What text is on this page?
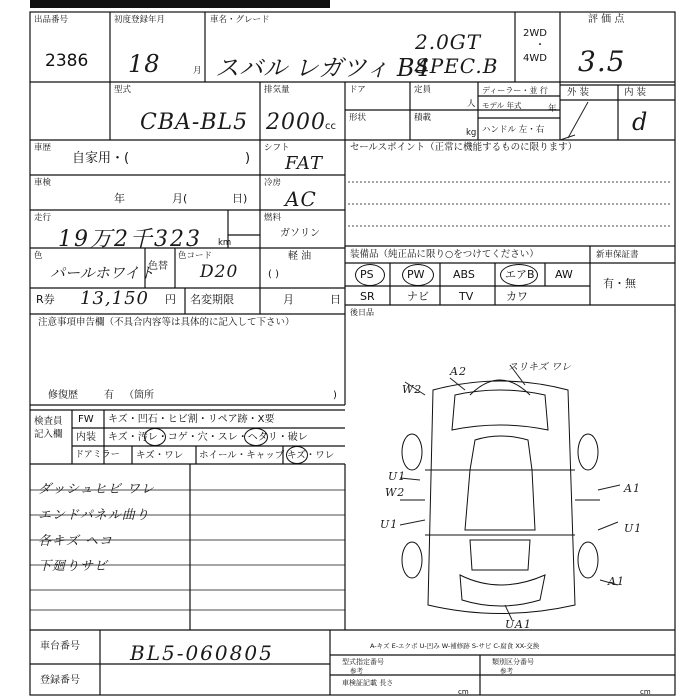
出品番号
2386
初度登録年月
18	月
車名・グレード
スバル レガツィ B4
2.0GT
SPEC.B
2WD
・
4WD
評 価 点
3.5
外 装	内 装
d
型式
CBA-BL5
排気量
2000 cc
ドア	定員
人
ディーラー・並 行
モデル 年式	年
形状	積載
kg ハンドル 左・右
車歴
自家用・(	)
シフト
FAT
車検
年	月(	日)
冷房
AC
走行
19万2千323 km
燃料
ガソリン
軽 油
( )
色
パールホワイト
色替
色コード
D20
R券 13,150 円 名変期限	月	日
セールスポイント（正常に機能するものに限ります）
装備品（純正品に限り○をつけてください）	新車保証書
有・無
PS	PW	ABS	エアB AW
SR	ナビ	TV	カワ
後日品
注意事項申告欄（不具合内容等は具体的に記入して下さい）
修復歴	有 （箇所	)
検査員
記入欄
FW キズ・凹石・ヒビ割・リペア跡・X要
内装 キズ・汚レ・コゲ・穴・スレ・ヘタリ・破レ
ドアミラー キズ・ワレ ホイール・キャップ キズ・ワレ
ダッシュヒビ ワレ
エンドパネル曲り
各キズ ヘコ
下廻りサビ
W2
A2	スリキズ ワレ
U1
W2
U1
A1
U1
A1
UA1
A-キズ E-エクボ U-凹み W-補修跡 S-サビ C-腐食 XX-交換
車台番号	BL5-060805
登録番号
型式指定番号	類別区分番号
参考	参考
車検証記載 長さ
cm	cm
